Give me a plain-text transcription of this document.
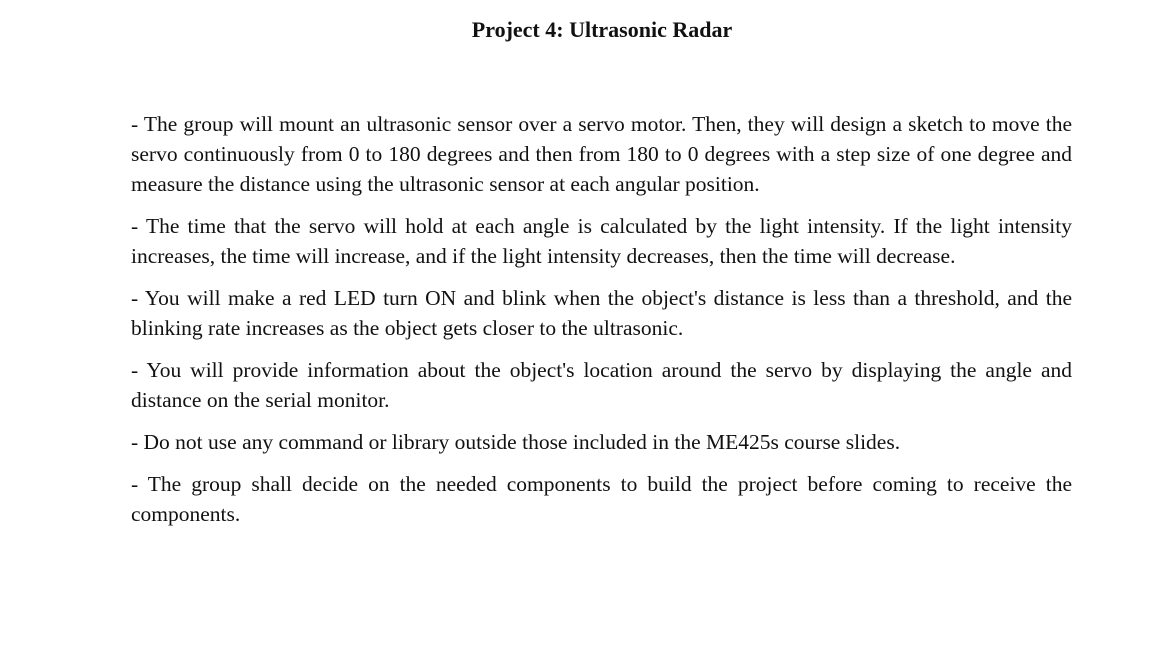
Project 4: Ultrasonic Radar

- The group will mount an ultrasonic sensor over a servo motor. Then, they will design a sketch to move the servo continuously from 0 to 180 degrees and then from 180 to 0 degrees with a step size of one degree and measure the distance using the ultrasonic sensor at each angular position.

- The time that the servo will hold at each angle is calculated by the light intensity. If the light intensity increases, the time will increase, and if the light intensity decreases, then the time will decrease.

- You will make a red LED turn ON and blink when the object's distance is less than a threshold, and the blinking rate increases as the object gets closer to the ultrasonic.

- You will provide information about the object's location around the servo by displaying the angle and distance on the serial monitor.

- Do not use any command or library outside those included in the ME425s course slides.

- The group shall decide on the needed components to build the project before coming to receive the components.
